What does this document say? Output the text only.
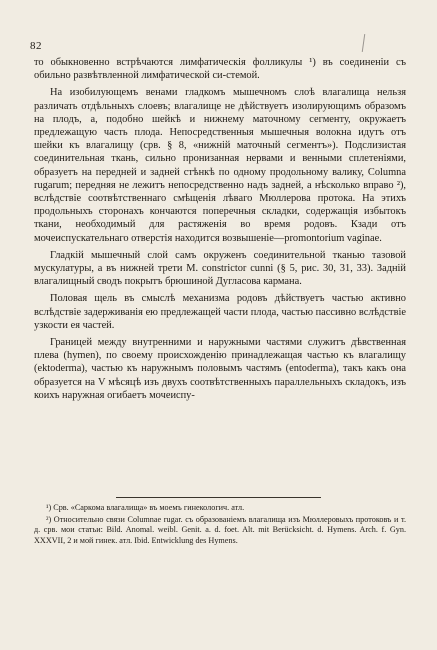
82

то обыкновенно встрѣчаются лимфатическія фолликулы ¹) въ соединеніи съ обильно развѣтвленной лимфатической си-стемой.

На изобилующемъ венами гладкомъ мышечномъ слоѣ влагалища нельзя различать отдѣльныхъ слоевъ; влагалище не дѣйствуетъ изолирующимъ образомъ на плодъ, а, подобно шейкѣ и нижнему маточному сегменту, окружаетъ предлежащую часть плода. Непосредственныя мышечныя волокна идутъ отъ шейки къ влагалищу (срв. § 8, «нижній маточный сегментъ»). Подслизистая соединительная ткань, сильно пронизанная нервами и венными сплетеніями, образуетъ на передней и задней стѣнкѣ по одному продольному валику, Columna rugarum; передняя не лежитъ непосредственно надъ задней, а нѣсколько вправо ²), вслѣдствіе соотвѣтственнаго смѣщенія лѣваго Мюллерова протока. На этихъ продольныхъ сторонахъ кончаются поперечныя складки, содержащія избытокъ ткани, необходимый для растяженія во время родовъ. Кзади отъ мочеиспускательнаго отверстія находится возвышеніе—promontorium vaginae.

Гладкій мышечный слой самъ окруженъ соединительной тканью тазовой мускулатуры, а въ нижней трети M. constrictor cunni (§ 5, рис. 30, 31, 33). Задній влагалищный сводъ покрытъ брюшиной Дугласова кармана.

Половая щель въ смыслѣ механизма родовъ дѣйствуетъ частью активно вслѣдствіе задерживанія ею предлежащей части плода, частью пассивно вслѣдствіе узкости ея частей.

Границей между внутренними и наружными частями служитъ дѣвственная плева (hymen), по своему происхожденію принадлежащая частью къ влагалищу (ektoderma), частью къ наружнымъ половымъ частямъ (entoderma), такъ какъ она образуется на V мѣсяцѣ изъ двухъ соотвѣтственныхъ параллельныхъ складокъ, изъ коихъ наружная огибаетъ мочеиспу-

¹) Срв. «Саркома влагалища» въ моемъ гинекологич. атл.

²) Относительно связи Columnae rugar. съ образованіемъ влагалища изъ Мюллеровыхъ протоковъ и т. д. срв. мои статьи: Bild. Anomal. weibl. Genit. a. d. foet. Alt. mit Berücksicht. d. Hymens. Arch. f. Gyn. XXXVII, 2 и мой гинек. атл. Ibid. Entwicklung des Hymens.
